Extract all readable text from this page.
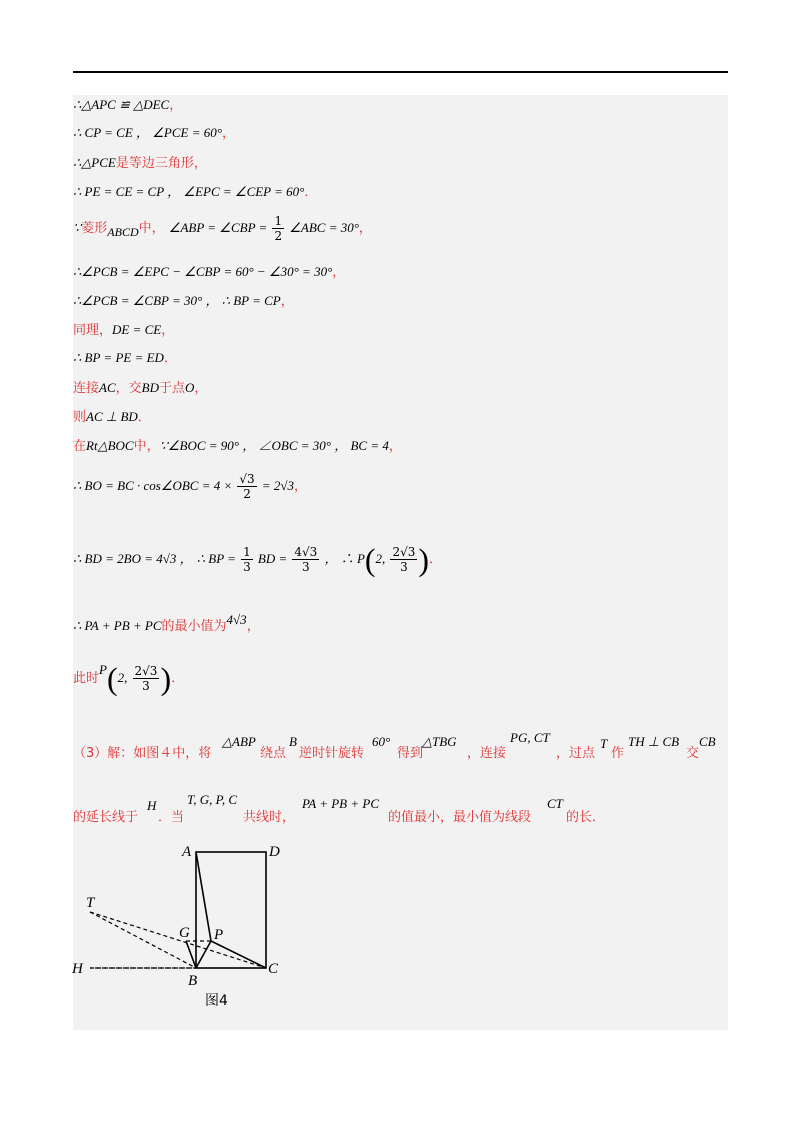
∴△APC ≌ △DEC，
∴ CP = CE ， ∠PCE = 60°，
∴△PCE是等边三角形，
∴ PE = CE = CP ， ∠EPC = ∠CEP = 60°．
∵菱形ABCD中， ∠ABP = ∠CBP = $\frac{1}{2}$ ∠ABC = 30°，
∴∠PCB = ∠EPC − ∠CBP = 60° − ∠30° = 30°，
∴∠PCB = ∠CBP = 30° ， ∴ BP = CP，
同理，DE = CE，
∴ BP = PE = ED．
连接AC，交BD于点O，
则AC ⊥ BD．
在Rt△BOC中，∵∠BOC = 90° ， ∠OBC = 30° ， BC = 4，
∴ BO = BC · cos∠OBC = $4 \times \frac{√3}{2} = 2√3$，
∴ BD = 2BO = 4√3 ， ∴ BP = $\frac{1}{3}$ BD = $\frac{4√3}{3}$ ， ∴ P(2, $\frac{2√3}{3}$ )．
∴ PA + PB + PC的最小值为4√3，
此时P(2, $\frac{2√3}{3}$ )．
（3）解：如图４中，将
△ABP
绕点
B
逆时针旋转
60°
得到
△TBG
，连接
PG, CT
，过点
T
作
TH ⊥ CB
交
CB
的延长线于
H
．当
T, G, P, C
共线时，
PA + PB + PC
的值最小，最小值为线段
CT
的长．
A	D
T
G P
H
B
C
图4
